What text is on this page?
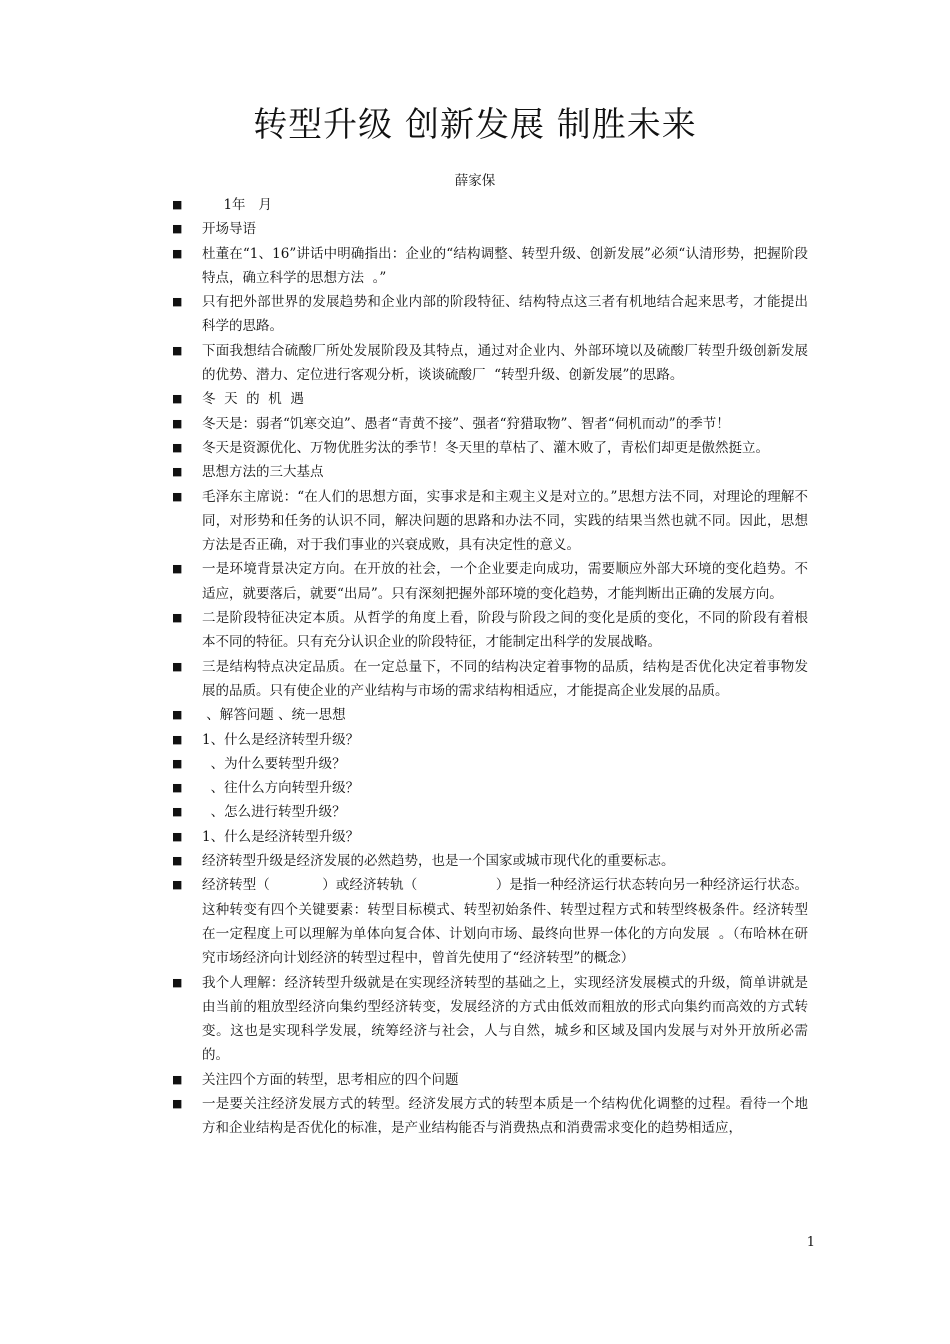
转型升级 创新发展 制胜未来
薛家保
■	1年   月
■	开场导语
■	杜董在“1、16”讲话中明确指出：企业的“结构调整、转型升级、创新发展”必须“认清形势，把握阶段特点，确立科学的思想方法  。”
■	只有把外部世界的发展趋势和企业内部的阶段特征、结构特点这三者有机地结合起来思考，才能提出科学的思路。
■	下面我想结合硫酸厂所处发展阶段及其特点，通过对企业内、外部环境以及硫酸厂转型升级创新发展的优势、潜力、定位进行客观分析，谈谈硫酸厂  “转型升级、创新发展”的思路。
■	冬  天  的  机  遇
■	冬天是：弱者“饥寒交迫”、愚者“青黄不接”、强者“狩猎取物”、智者“伺机而动”的季节！
■	冬天是资源优化、万物优胜劣汰的季节！冬天里的草枯了、灌木败了，青松们却更是傲然挺立。
■	思想方法的三大基点
■	毛泽东主席说：“在人们的思想方面，实事求是和主观主义是对立的。”思想方法不同，对理论的理解不同，对形势和任务的认识不同，解决问题的思路和办法不同，实践的结果当然也就不同。因此，思想方法是否正确，对于我们事业的兴衰成败，具有决定性的意义。
■	一是环境背景决定方向。在开放的社会，一个企业要走向成功，需要顺应外部大环境的变化趋势。不适应，就要落后，就要“出局”。只有深刻把握外部环境的变化趋势，才能判断出正确的发展方向。
■	二是阶段特征决定本质。从哲学的角度上看，阶段与阶段之间的变化是质的变化，不同的阶段有着根本不同的特征。只有充分认识企业的阶段特征，才能制定出科学的发展战略。
■	三是结构特点决定品质。在一定总量下，不同的结构决定着事物的品质，结构是否优化决定着事物发展的品质。只有使企业的产业结构与市场的需求结构相适应，才能提高企业发展的品质。
■	、解答问题 、统一思想
■	1、什么是经济转型升级？
■	、为什么要转型升级？
■	、往什么方向转型升级？
■	、怎么进行转型升级？
■	1、什么是经济转型升级？
■	经济转型升级是经济发展的必然趋势，也是一个国家或城市现代化的重要标志。
■	经济转型（            ）或经济转轨（                  ）是指一种经济运行状态转向另一种经济运行状态。这种转变有四个关键要素：转型目标模式、转型初始条件、转型过程方式和转型终极条件。经济转型在一定程度上可以理解为单体向复合体、计划向市场、最终向世界一体化的方向发展  。（布哈林在研究市场经济向计划经济的转型过程中，曾首先使用了“经济转型”的概念）
■	我个人理解：经济转型升级就是在实现经济转型的基础之上，实现经济发展模式的升级，简单讲就是由当前的粗放型经济向集约型经济转变，发展经济的方式由低效而粗放的形式向集约而高效的方式转变。这也是实现科学发展，统筹经济与社会，人与自然，城乡和区域及国内发展与对外开放所必需的。
■	关注四个方面的转型，思考相应的四个问题
■	一是要关注经济发展方式的转型。经济发展方式的转型本质是一个结构优化调整的过程。看待一个地方和企业结构是否优化的标准，是产业结构能否与消费热点和消费需求变化的趋势相适应，
1
